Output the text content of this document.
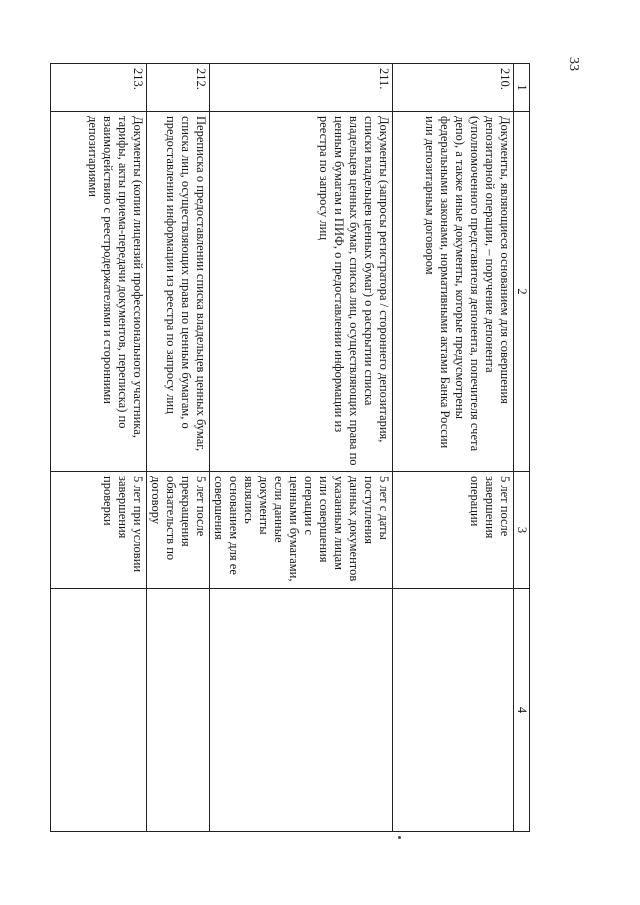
33
1	2	3	4
210.	Документы, являющиеся основанием для совершения депозитарной операции, – поручение депонента (уполномоченного представителя депонента, попечителя счета депо), а также иные документы, которые предусмотрены федеральными законами, нормативными актами Банка России или депозитарным договором	5 лет после завершения операции	
211.	Документы (запросы регистратора / стороннего депозитария, списки владельцев ценных бумаг) о раскрытии списка владельцев ценных бумаг, списка лиц, осуществляющих права по ценным бумагам и ПИФ, о предоставлении информации из реестра по запросу лиц	5 лет с даты поступления данных документов указанным лицам или совершения операции с ценными бумагами, если данные документы являлись основанием для ее совершения	
212.	Переписка о предоставлении списка владельцев ценных бумаг, списка лиц, осуществляющих права по ценным бумагам, о предоставлении информации из реестра по запросу лиц	5 лет после прекращения обязательств по договору	
213.	Документы (копии лицензий профессионального участника, тарифы, акты приема-передачи документов, переписка) по взаимодействию с реестродержателями и сторонними депозитариями	5 лет при условии завершения проверки	
